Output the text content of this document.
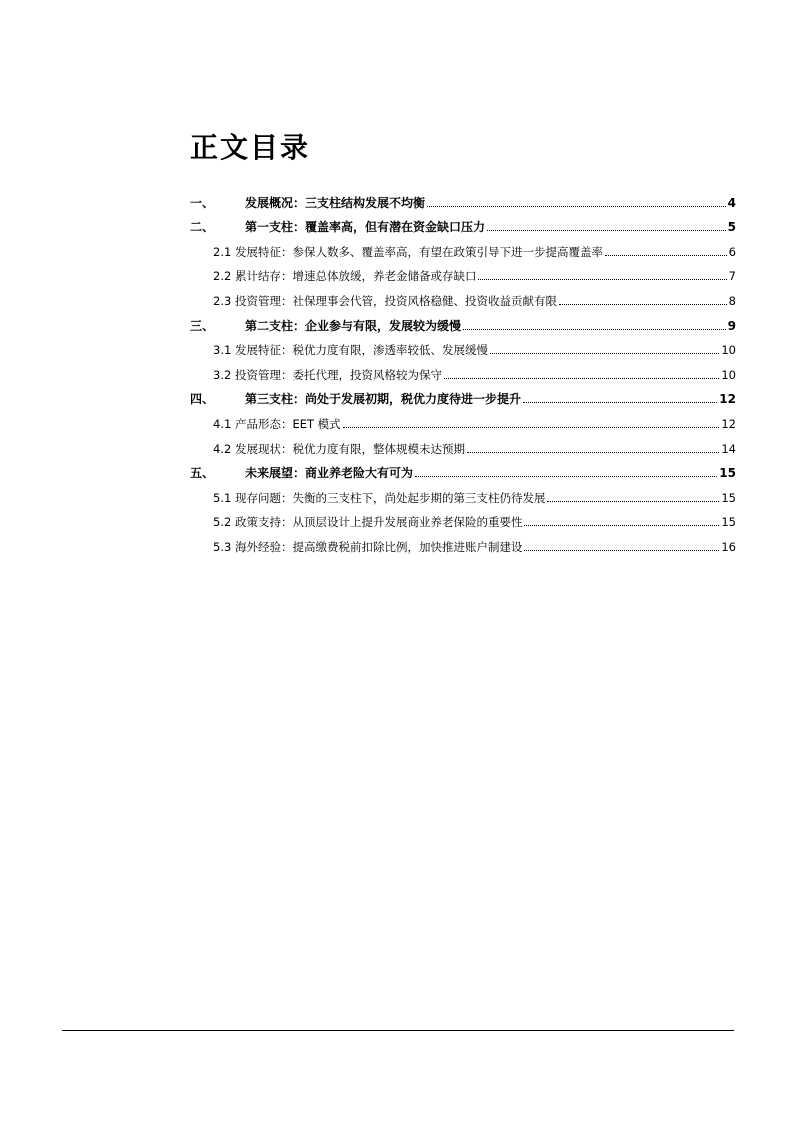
正文目录
一、	发展概况：三支柱结构发展不均衡	4
二、	第一支柱：覆盖率高，但有潜在资金缺口压力	5
2.1 发展特征：参保人数多、覆盖率高，有望在政策引导下进一步提高覆盖率	6
2.2 累计结存：增速总体放缓，养老金储备或存缺口	7
2.3 投资管理：社保理事会代管，投资风格稳健、投资收益贡献有限	8
三、	第二支柱：企业参与有限，发展较为缓慢	9
3.1 发展特征：税优力度有限，渗透率较低、发展缓慢	10
3.2 投资管理：委托代理，投资风格较为保守	10
四、	第三支柱：尚处于发展初期，税优力度待进一步提升	12
4.1 产品形态：EET 模式	12
4.2 发展现状：税优力度有限，整体规模未达预期	14
五、	未来展望：商业养老险大有可为	15
5.1 现存问题：失衡的三支柱下，尚处起步期的第三支柱仍待发展	15
5.2 政策支持：从顶层设计上提升发展商业养老保险的重要性	15
5.3 海外经验：提高缴费税前扣除比例，加快推进账户制建设	16
